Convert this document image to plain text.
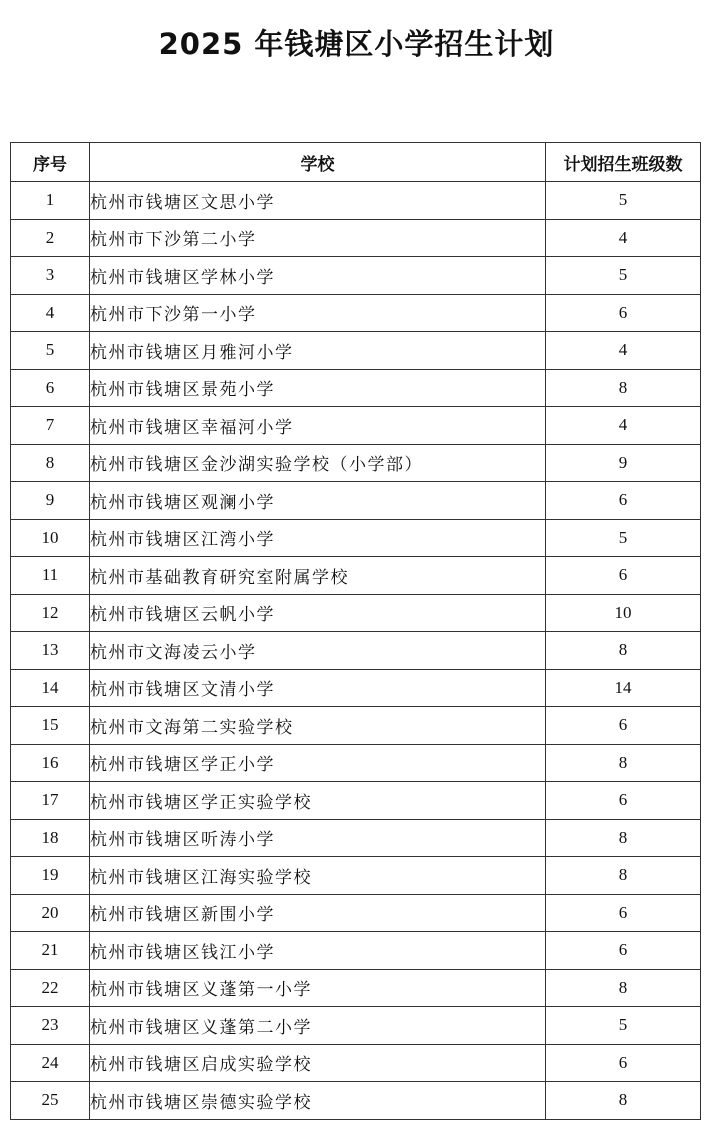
2025 年钱塘区小学招生计划
序号	学校	计划招生班级数
1	杭州市钱塘区文思小学	5
2	杭州市下沙第二小学	4
3	杭州市钱塘区学林小学	5
4	杭州市下沙第一小学	6
5	杭州市钱塘区月雅河小学	4
6	杭州市钱塘区景苑小学	8
7	杭州市钱塘区幸福河小学	4
8	杭州市钱塘区金沙湖实验学校（小学部）	9
9	杭州市钱塘区观澜小学	6
10	杭州市钱塘区江湾小学	5
11	杭州市基础教育研究室附属学校	6
12	杭州市钱塘区云帆小学	10
13	杭州市文海凌云小学	8
14	杭州市钱塘区文清小学	14
15	杭州市文海第二实验学校	6
16	杭州市钱塘区学正小学	8
17	杭州市钱塘区学正实验学校	6
18	杭州市钱塘区听涛小学	8
19	杭州市钱塘区江海实验学校	8
20	杭州市钱塘区新围小学	6
21	杭州市钱塘区钱江小学	6
22	杭州市钱塘区义蓬第一小学	8
23	杭州市钱塘区义蓬第二小学	5
24	杭州市钱塘区启成实验学校	6
25	杭州市钱塘区崇德实验学校	8
